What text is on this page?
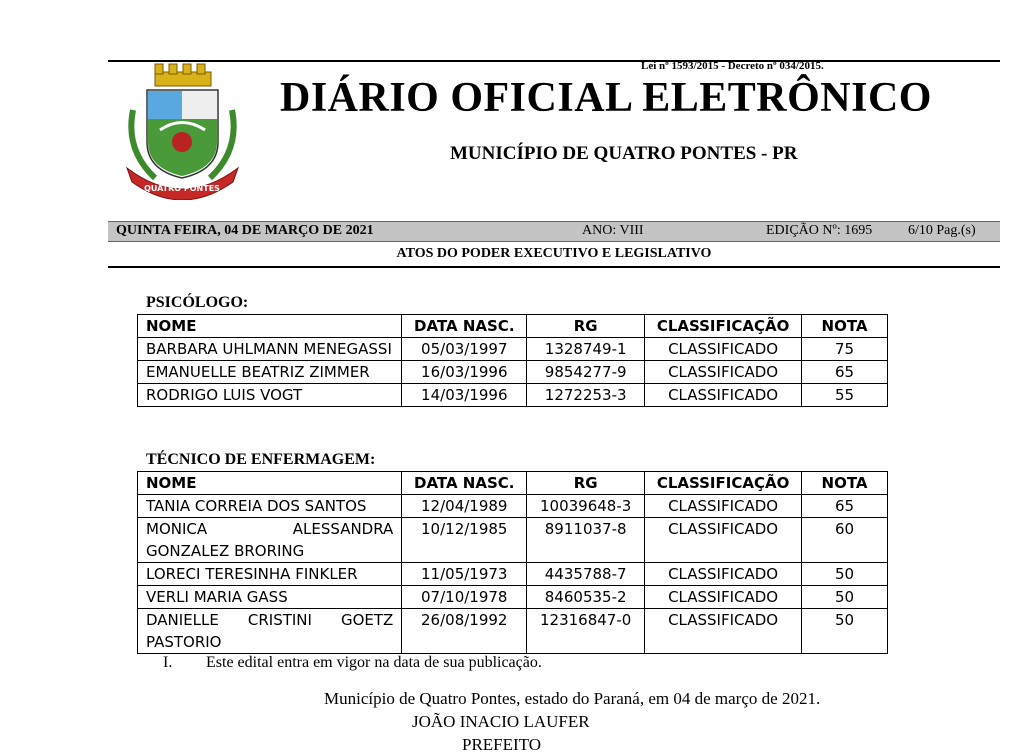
Lei nº 1593/2015 - Decreto nº 034/2015.
QUATRO PONTES
DIÁRIO OFICIAL ELETRÔNICO
MUNICÍPIO DE QUATRO PONTES - PR
QUINTA FEIRA, 04 DE MARÇO DE 2021	ANO: VIII	EDIÇÃO Nº: 1695	6/10 Pag.(s)
ATOS DO PODER EXECUTIVO E LEGISLATIVO
PSICÓLOGO:
NOME	DATA NASC.	RG	CLASSIFICAÇÃO	NOTA
BARBARA UHLMANN MENEGASSI	05/03/1997	1328749-1	CLASSIFICADO	75
EMANUELLE BEATRIZ ZIMMER	16/03/1996	9854277-9	CLASSIFICADO	65
RODRIGO LUIS VOGT	14/03/1996	1272253-3	CLASSIFICADO	55
TÉCNICO DE ENFERMAGEM:
NOME	DATA NASC.	RG	CLASSIFICAÇÃO	NOTA
TANIA CORREIA DOS SANTOS	12/04/1989	10039648-3	CLASSIFICADO	65
MONICA ALESSANDRA GONZALEZ BRORING	10/12/1985	8911037-8	CLASSIFICADO	60
LORECI TERESINHA FINKLER	11/05/1973	4435788-7	CLASSIFICADO	50
VERLI MARIA GASS	07/10/1978	8460535-2	CLASSIFICADO	50
DANIELLE CRISTINI GOETZ PASTORIO	26/08/1992	12316847-0	CLASSIFICADO	50
I. Este edital entra em vigor na data de sua publicação.
Município de Quatro Pontes, estado do Paraná, em 04 de março de 2021.
JOÃO INACIO LAUFER
PREFEITO
